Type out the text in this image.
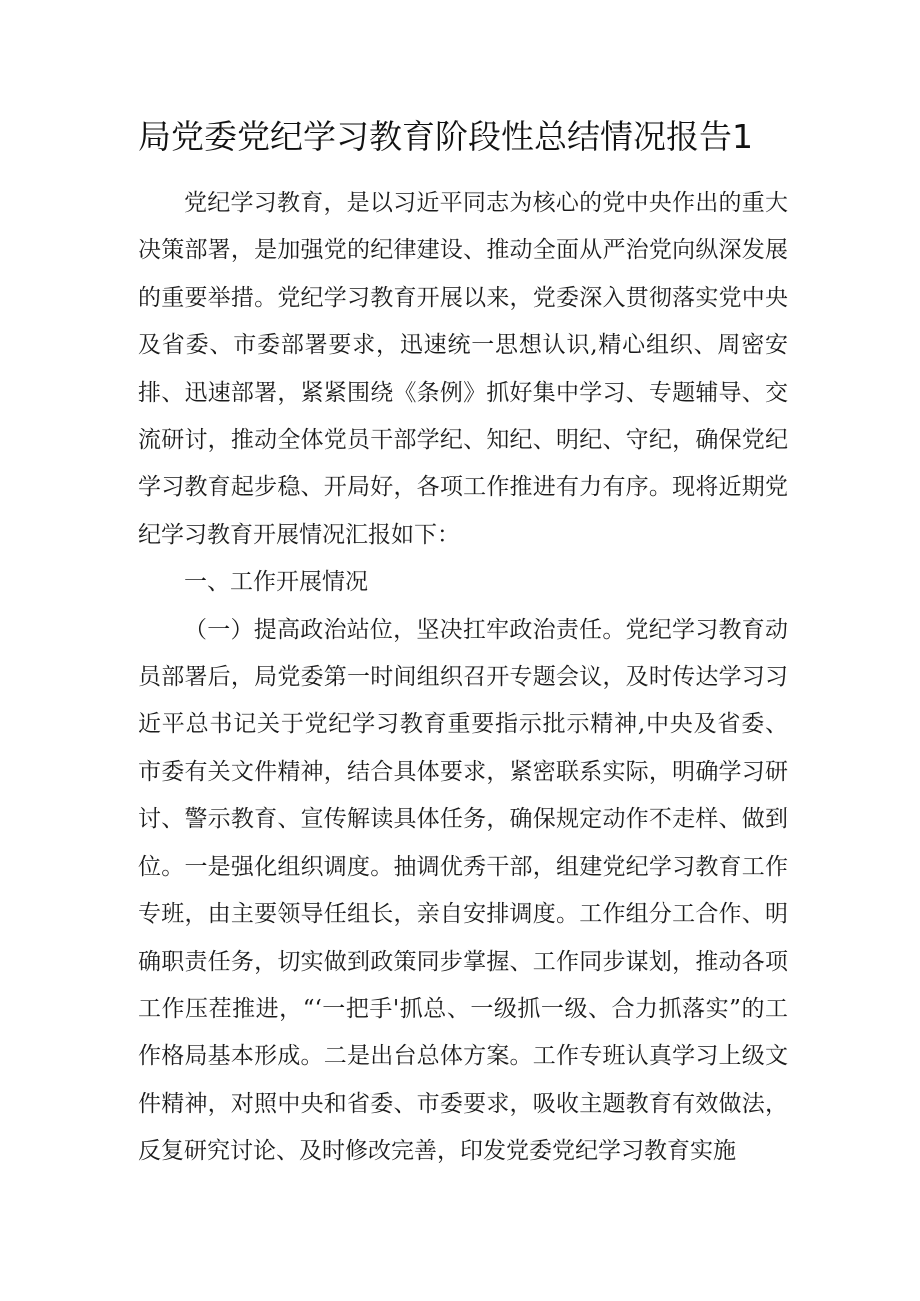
局党委党纪学习教育阶段性总结情况报告1

党纪学习教育，是以习近平同志为核心的党中央作出的重大决策部署，是加强党的纪律建设、推动全面从严治党向纵深发展的重要举措。党纪学习教育开展以来，党委深入贯彻落实党中央及省委、市委部署要求，迅速统一思想认识,精心组织、周密安排、迅速部署，紧紧围绕《条例》抓好集中学习、专题辅导、交流研讨，推动全体党员干部学纪、知纪、明纪、守纪，确保党纪学习教育起步稳、开局好，各项工作推进有力有序。现将近期党纪学习教育开展情况汇报如下：

一、工作开展情况

（一）提高政治站位，坚决扛牢政治责任。党纪学习教育动员部署后，局党委第一时间组织召开专题会议，及时传达学习习近平总书记关于党纪学习教育重要指示批示精神,中央及省委、市委有关文件精神，结合具体要求，紧密联系实际，明确学习研讨、警示教育、宣传解读具体任务，确保规定动作不走样、做到位。一是强化组织调度。抽调优秀干部，组建党纪学习教育工作专班，由主要领导任组长，亲自安排调度。工作组分工合作、明确职责任务，切实做到政策同步掌握、工作同步谋划，推动各项工作压茬推进，“‘一把手'抓总、一级抓一级、合力抓落实”的工作格局基本形成。二是出台总体方案。工作专班认真学习上级文件精神，对照中央和省委、市委要求，吸收主题教育有效做法，反复研究讨论、及时修改完善，印发党委党纪学习教育实施
